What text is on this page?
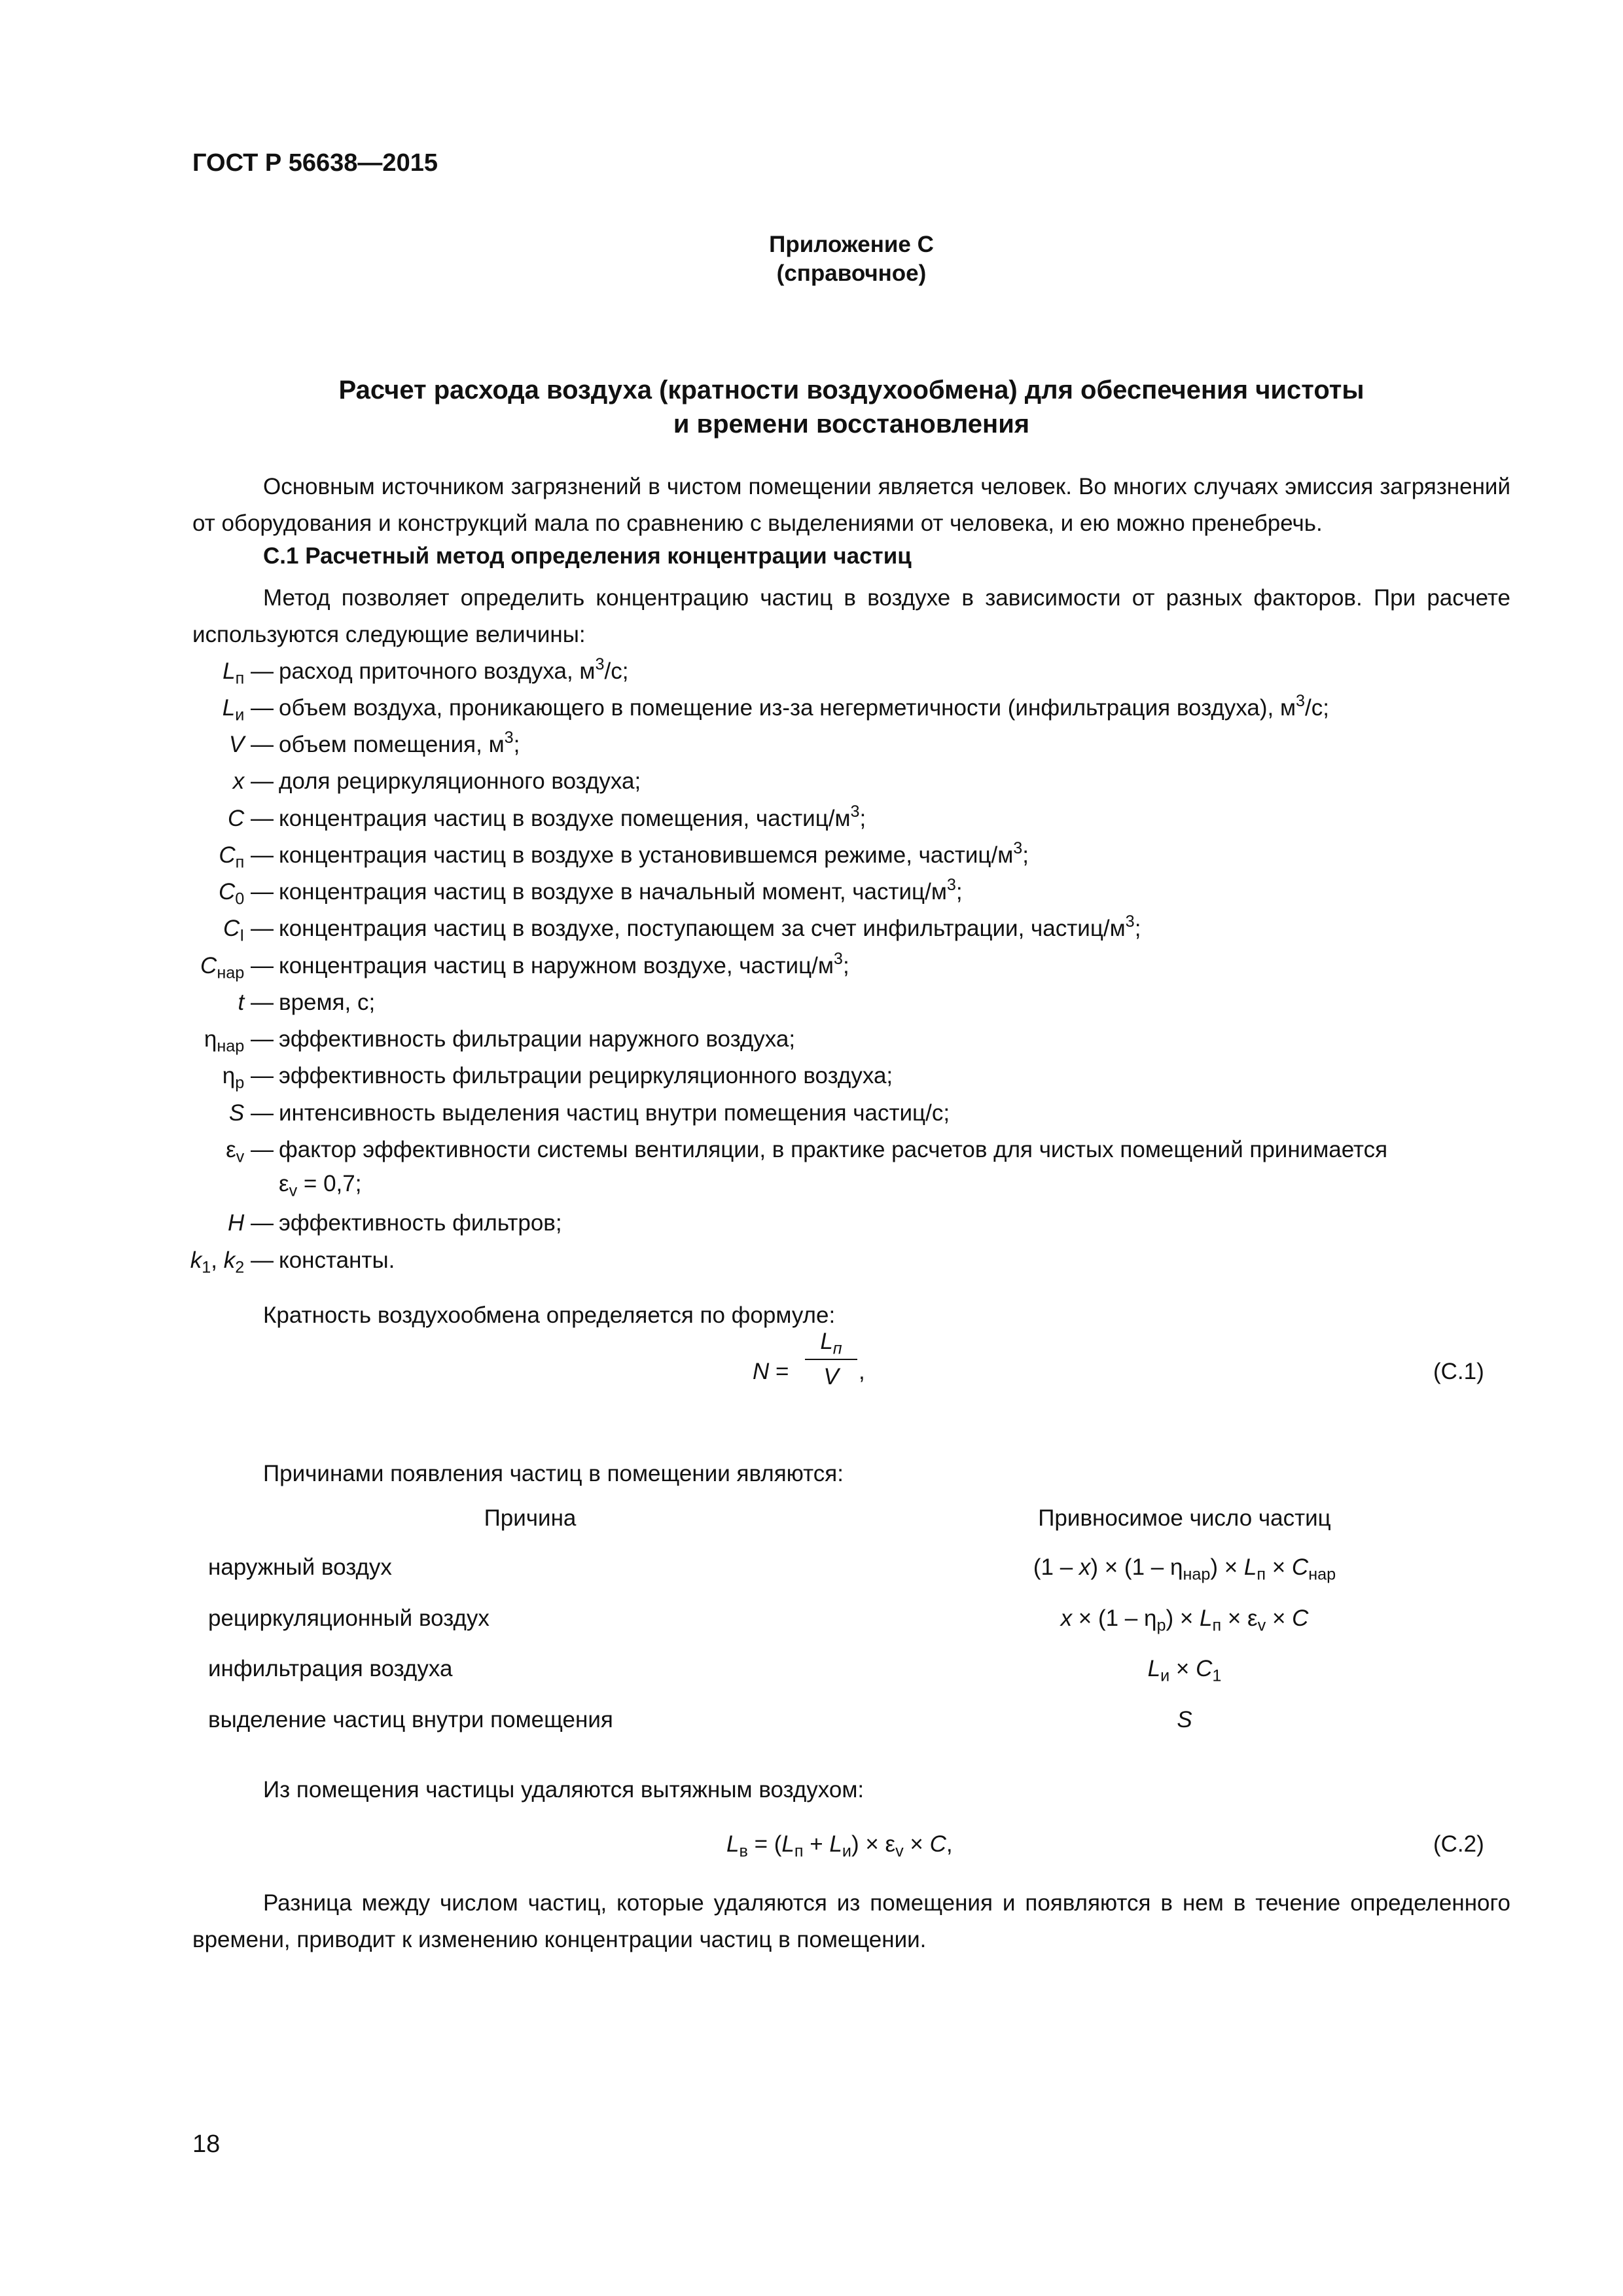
ГОСТ Р 56638—2015
Приложение С
(справочное)
Расчет расхода воздуха (кратности воздухообмена) для обеспечения чистоты
и времени восстановления

Основным источником загрязнений в чистом помещении является человек. Во многих случаях эмиссия загрязнений от оборудования и конструкций мала по сравнению с выделениями от человека, и ею можно пренебречь.

С.1 Расчетный метод определения концентрации частиц

Метод позволяет определить концентрацию частиц в воздухе в зависимости от разных факторов. При расчете используются следующие величины:

$L_п$ — расход приточного воздуха, $м^3/с$;
$L_и$ — объем воздуха, проникающего в помещение из-за негерметичности (инфильтрация воздуха), $м^3/с$;
V — объем помещения, $м^3$;
x — доля рециркуляционного воздуха;
C — концентрация частиц в воздухе помещения, частиц/$м^3$;
$C_п$ — концентрация частиц в воздухе в установившемся режиме, частиц/$м^3$;
$C_0$ — концентрация частиц в воздухе в начальный момент, частиц/$м^3$;
$C_I$ — концентрация частиц в воздухе, поступающем за счет инфильтрации, частиц/$м^3$;
$C_{нар}$ — концентрация частиц в наружном воздухе, частиц/$м^3$;
t — время, с;
$\eta_{нар}$ — эффективность фильтрации наружного воздуха;
$\eta_р$ — эффективность фильтрации рециркуляционного воздуха;
S — интенсивность выделения частиц внутри помещения частиц/с;
$\varepsilon_v$ — фактор эффективности системы вентиляции, в практике расчетов для чистых помещений принимается
$\varepsilon_v = 0,7$;
H — эффективность фильтров;
$k_1$, $k_2$ — константы.
Кратность воздухообмена определяется по формуле:
N =
$L_п$
V ,	(С.1)
Причинами появления частиц в помещении являются:
Причина	Привносимое число частиц
наружный воздух	$(1 - x) \times (1 - \eta_{нар}) \times L_п \times C_{нар}$
рециркуляционный воздух	$x \times (1 - \eta_р) \times L_п \times \varepsilon_v \times C$
инфильтрация воздуха	$L_и \times C_1$
выделение частиц внутри помещения	S
Из помещения частицы удаляются вытяжным воздухом:
$L_в = (L_п + L_и) \times \varepsilon_v \times C$,	(С.2)

Разница между числом частиц, которые удаляются из помещения и появляются в нем в течение определенного времени, приводит к изменению концентрации частиц в помещении.

18
